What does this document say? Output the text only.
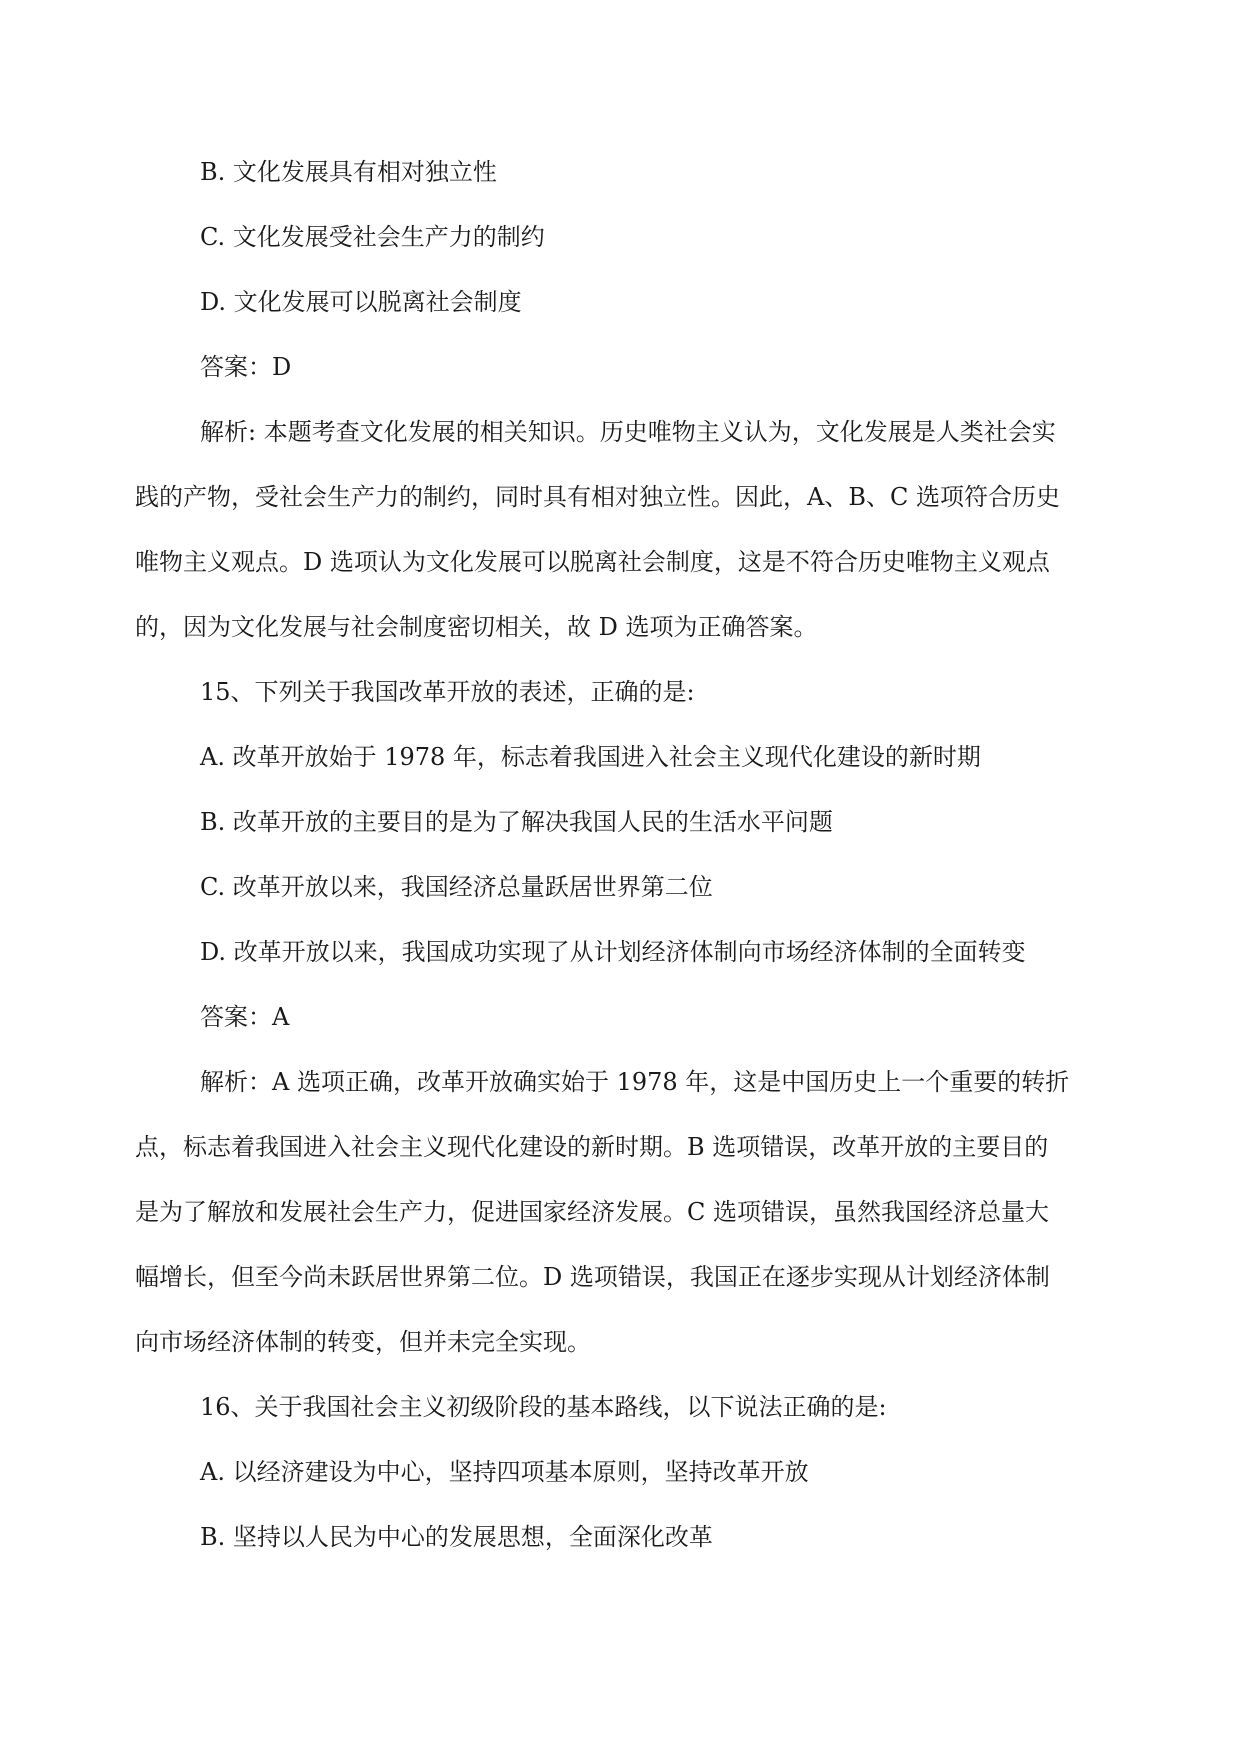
B. 文化发展具有相对独立性

C. 文化发展受社会生产力的制约

D. 文化发展可以脱离社会制度

答案：D

解析: 本题考查文化发展的相关知识。历史唯物主义认为，文化发展是人类社会实

践的产物，受社会生产力的制约，同时具有相对独立性。因此，A、B、C 选项符合历史

唯物主义观点。D 选项认为文化发展可以脱离社会制度，这是不符合历史唯物主义观点

的，因为文化发展与社会制度密切相关，故 D 选项为正确答案。

15、下列关于我国改革开放的表述，正确的是:

A. 改革开放始于 1978 年，标志着我国进入社会主义现代化建设的新时期

B. 改革开放的主要目的是为了解决我国人民的生活水平问题

C. 改革开放以来，我国经济总量跃居世界第二位

D. 改革开放以来，我国成功实现了从计划经济体制向市场经济体制的全面转变

答案：A

解析：A 选项正确，改革开放确实始于 1978 年，这是中国历史上一个重要的转折

点，标志着我国进入社会主义现代化建设的新时期。B 选项错误，改革开放的主要目的

是为了解放和发展社会生产力，促进国家经济发展。C 选项错误，虽然我国经济总量大

幅增长，但至今尚未跃居世界第二位。D 选项错误，我国正在逐步实现从计划经济体制

向市场经济体制的转变，但并未完全实现。

16、关于我国社会主义初级阶段的基本路线，以下说法正确的是:

A. 以经济建设为中心，坚持四项基本原则，坚持改革开放

B. 坚持以人民为中心的发展思想，全面深化改革
